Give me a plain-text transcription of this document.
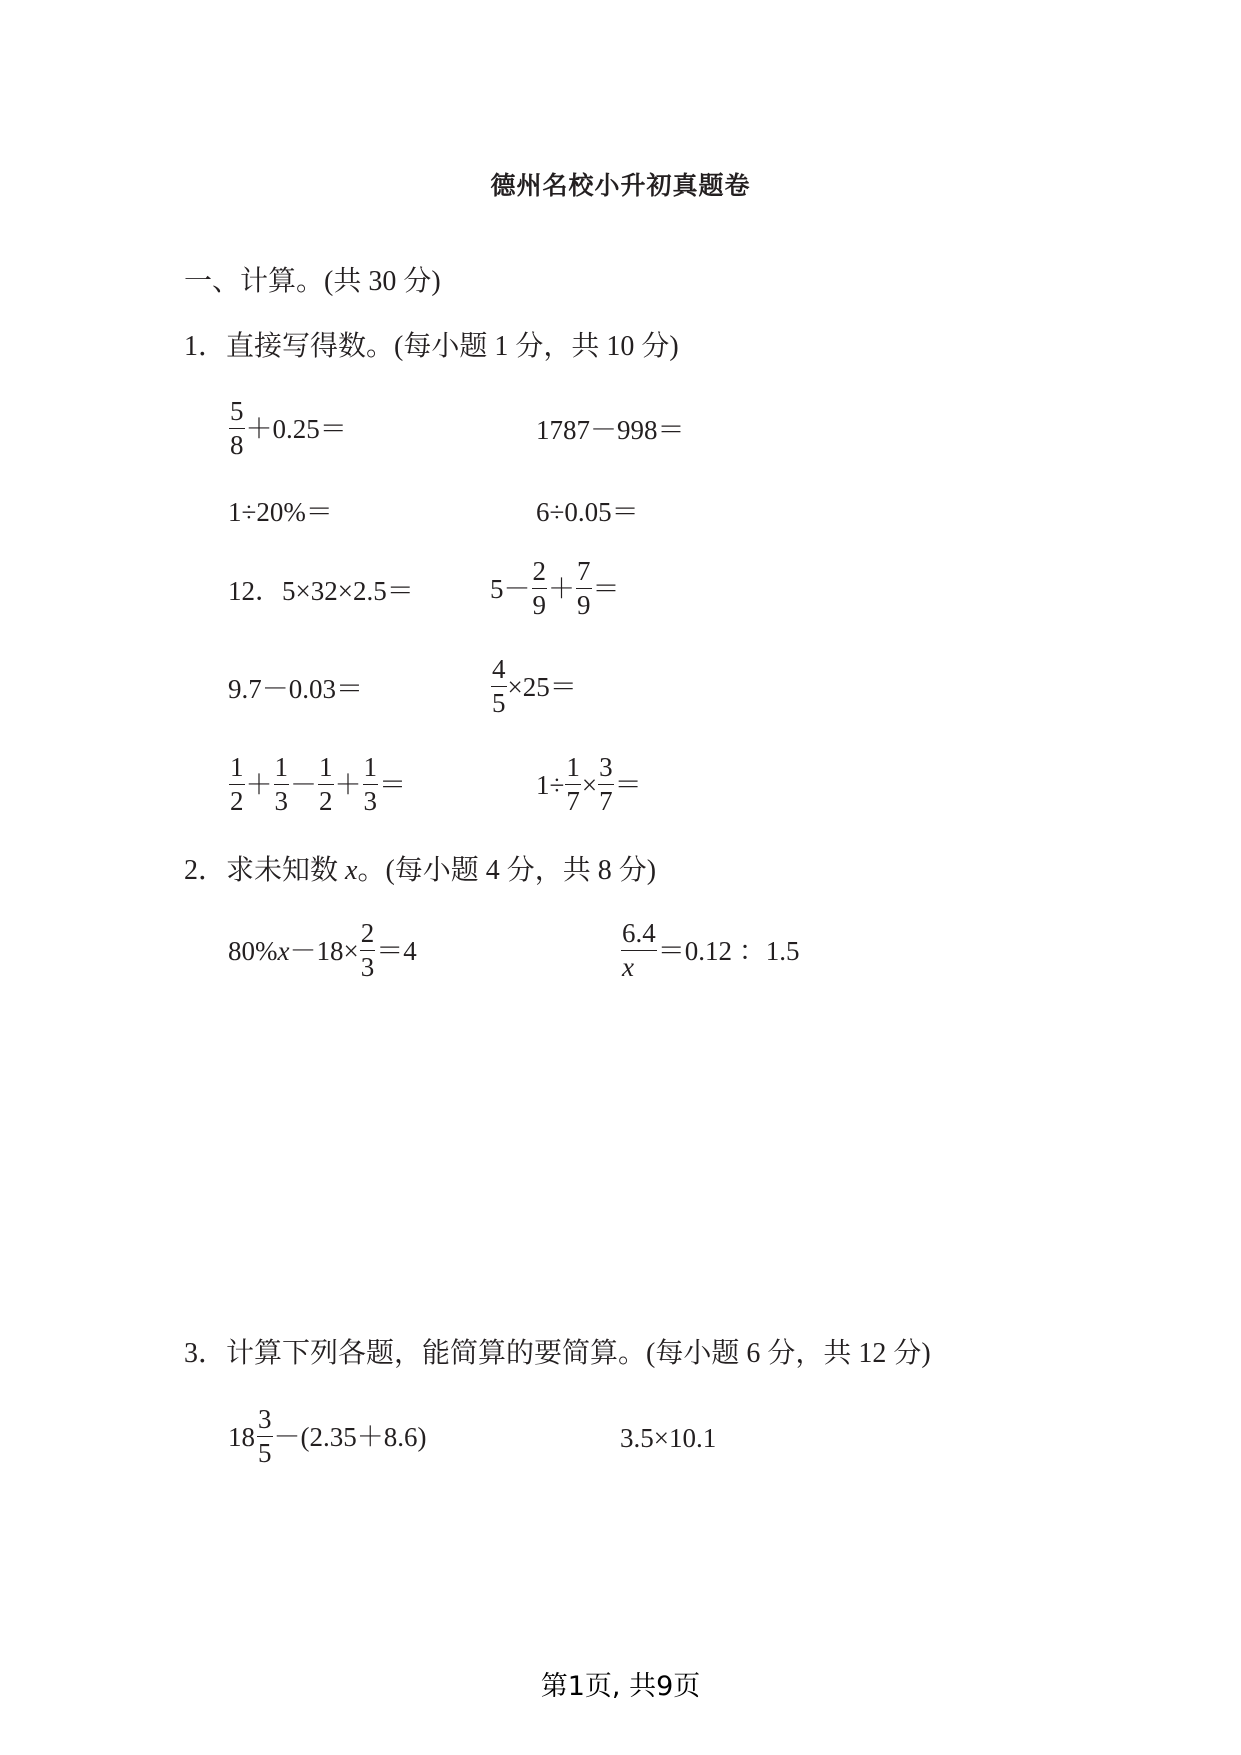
德州名校小升初真题卷
一、计算。(共 30 分)
1．直接写得数。(每小题 1 分，共 10 分)
$\frac{5}{8} +0.25=$	1787－998＝
1÷20%＝	6÷0.05＝
12．5×32×2.5＝	$5- \frac{2}{9} + \frac{7}{9}$ ＝
9.7－0.03＝	$\frac{4}{5} \times 25=$
$\frac{1}{2} + \frac{1}{3} - \frac{1}{2} + \frac{1}{3}$ ＝	$1\div \frac{1}{7} \times \frac{3}{7}$ ＝
2．求未知数 x。(每小题 4 分，共 8 分)
80% $x -18\times \frac{2}{3} =4$	$\frac{6.4}{x} =0.12$ ：1.5
3．计算下列各题，能简算的要简算。(每小题 6 分，共 12 分)
$18 \frac{3}{5} -(2.35+8.6)$	3.5×10.1
第1页, 共9页
